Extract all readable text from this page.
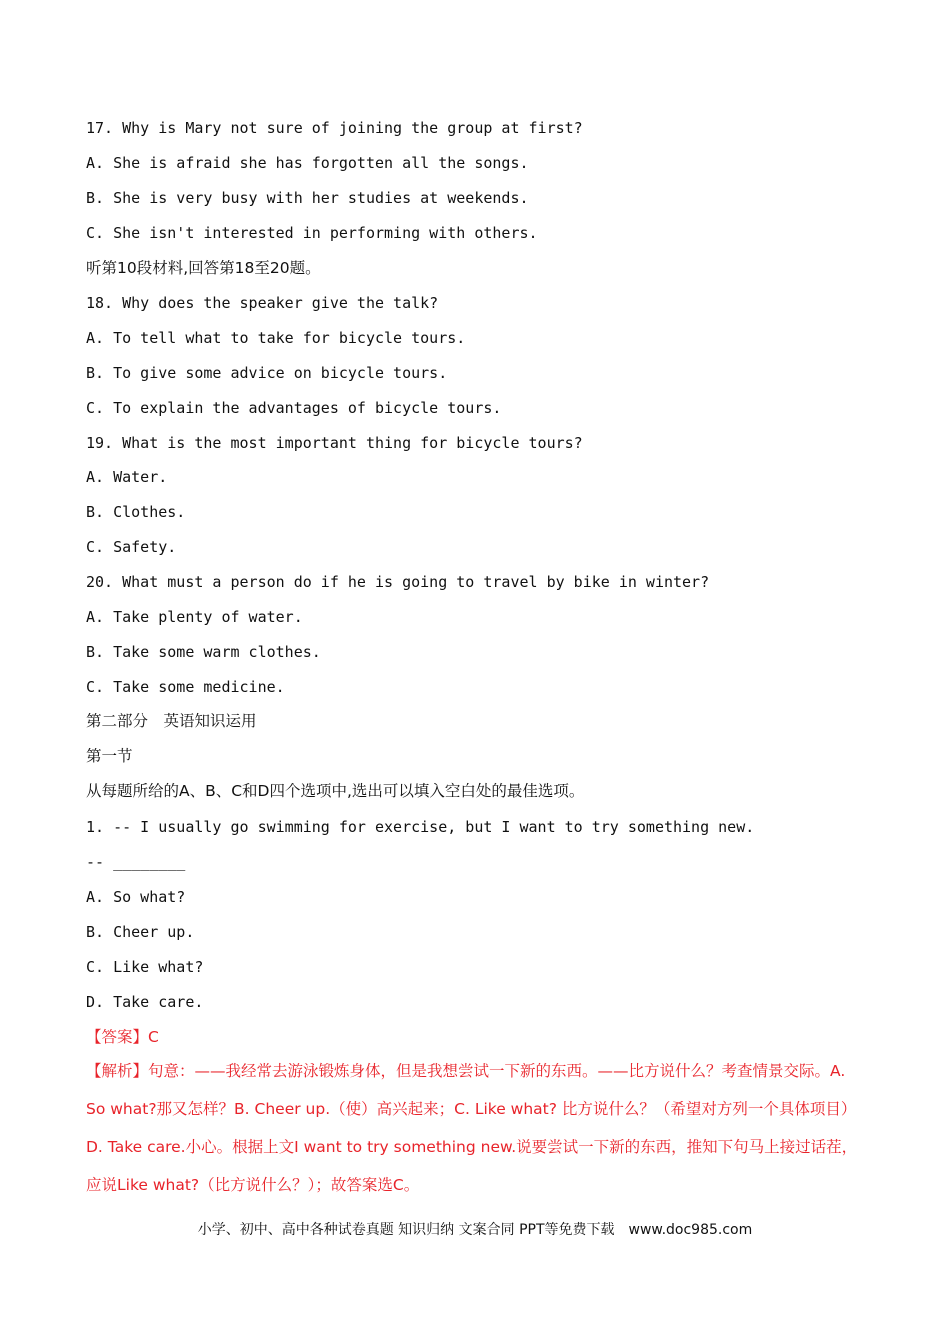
17. Why is Mary not sure of joining the group at first?
A. She is afraid she has forgotten all the songs.
B. She is very busy with her studies at weekends.
C. She isn't interested in performing with others.
听第10段材料,回答第18至20题。
18. Why does the speaker give the talk?
A. To tell what to take for bicycle tours.
B. To give some advice on bicycle tours.
C. To explain the advantages of bicycle tours.
19. What is the most important thing for bicycle tours?
A. Water.
B. Clothes.
C. Safety.
20. What must a person do if he is going to travel by bike in winter?
A. Take plenty of water.
B. Take some warm clothes.
C. Take some medicine.
第二部分　英语知识运用
第一节
从每题所给的A、B、C和D四个选项中,选出可以填入空白处的最佳选项。
1. -- I usually go swimming for exercise, but I want to try something new.
-- ________
A. So what?
B. Cheer up.
C. Like what?
D. Take care.
【答案】C
【解析】句意：——我经常去游泳锻炼身体，但是我想尝试一下新的东西。——比方说什么？考查情景交际。A. So what?那又怎样？B. Cheer up.（使）高兴起来；C. Like what? 比方说什么？（希望对方列一个具体项目）D. Take care.小心。根据上文I want to try something new.说要尝试一下新的东西，推知下句马上接过话茬，应说Like what?（比方说什么？）；故答案选C。
小学、初中、高中各种试卷真题 知识归纳 文案合同 PPT等免费下载　www.doc985.com
